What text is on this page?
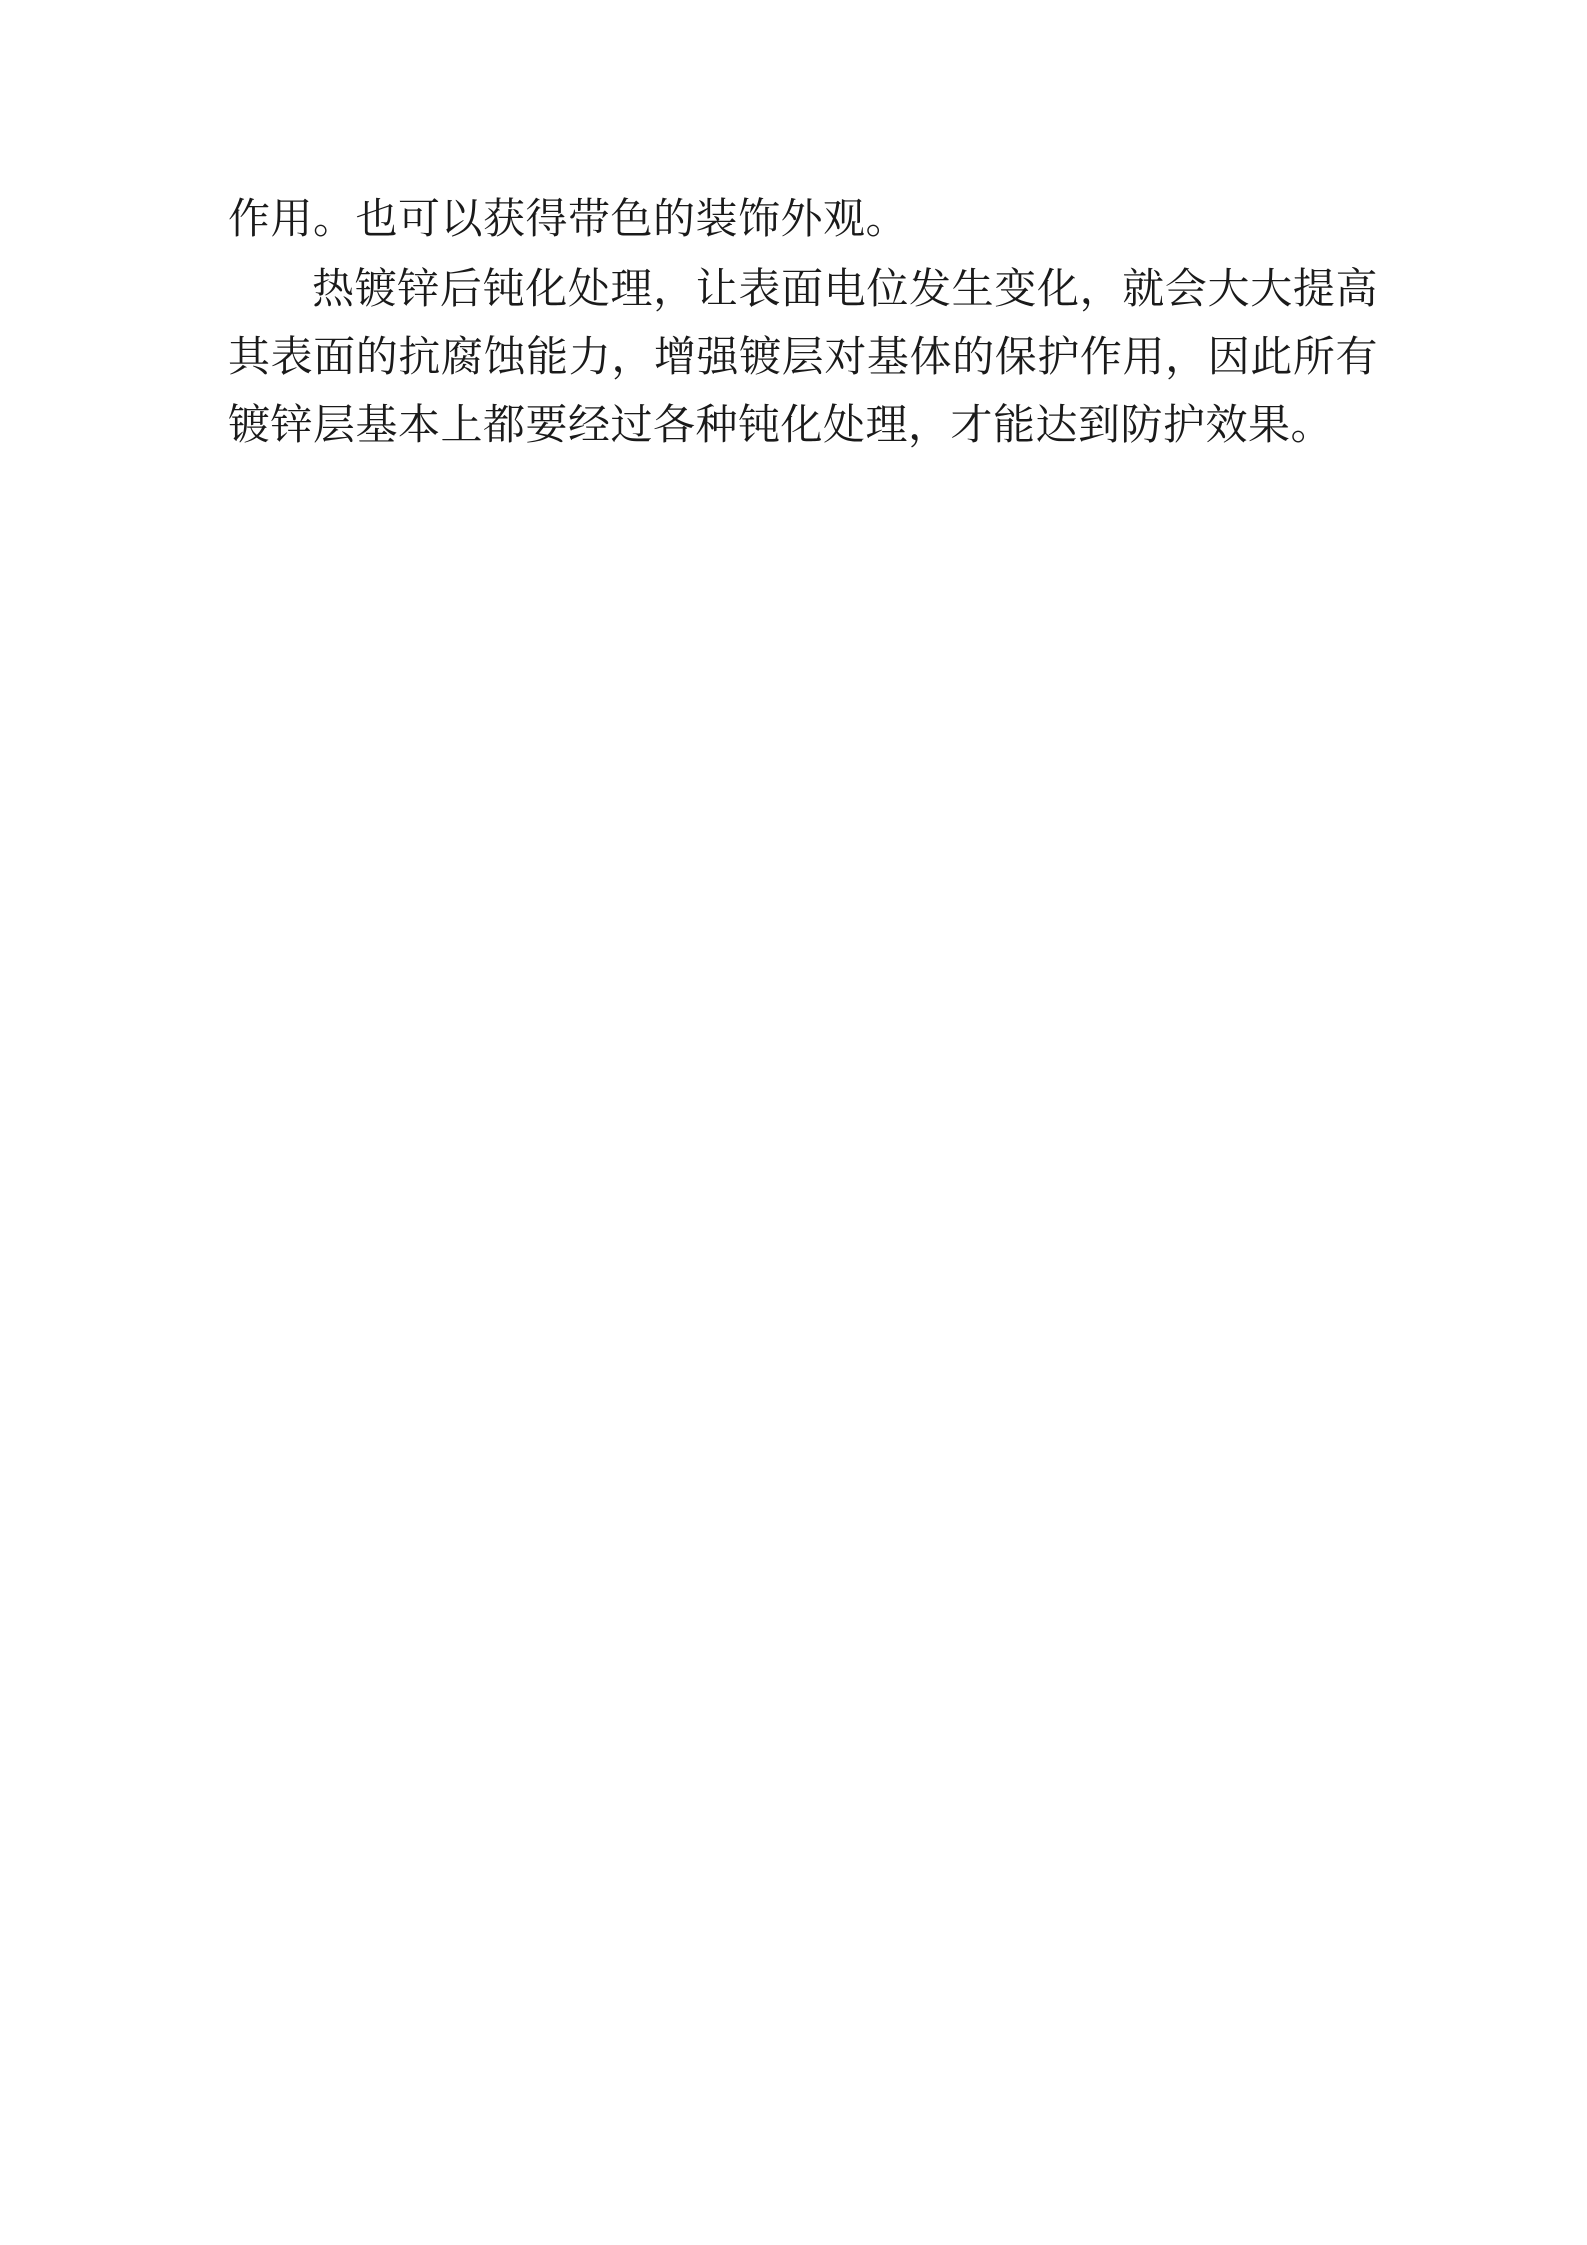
作用。也可以获得带色的装饰外观。

热镀锌后钝化处理，让表面电位发生变化，就会大大提高其表面的抗腐蚀能力，增强镀层对基体的保护作用，因此所有镀锌层基本上都要经过各种钝化处理，才能达到防护效果。
